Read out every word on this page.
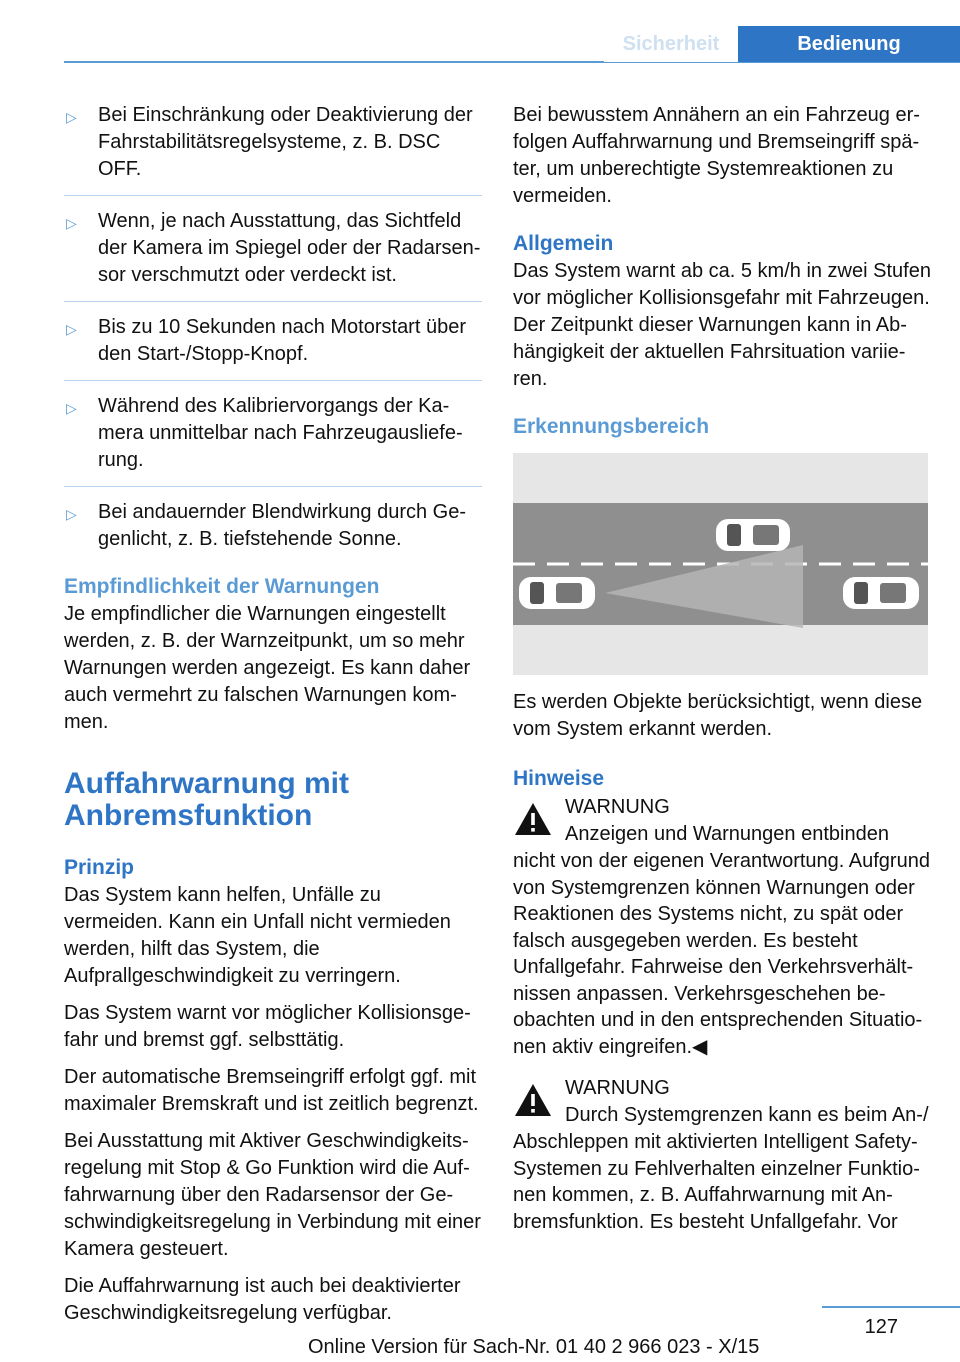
Sicherheit	Bedienung
▷ Bei Einschränkung oder Deaktivierung der Fahrstabilitätsregelsysteme, z. B. DSC OFF.
▷ Wenn, je nach Ausstattung, das Sichtfeld der Kamera im Spiegel oder der Radarsensor verschmutzt oder verdeckt ist.
▷ Bis zu 10 Sekunden nach Motorstart über den Start-/Stopp-Knopf.
▷ Während des Kalibriervorgangs der Kamera unmittelbar nach Fahrzeugauslieferung.
▷ Bei andauernder Blendwirkung durch Gegenlicht, z. B. tiefstehende Sonne.
Empfindlichkeit der Warnungen

Je empfindlicher die Warnungen eingestellt werden, z. B. der Warnzeitpunkt, um so mehr Warnungen werden angezeigt. Es kann daher auch vermehrt zu falschen Warnungen kommen.

Auffahrwarnung mit Anbremsfunktion
Prinzip

Das System kann helfen, Unfälle zu vermeiden. Kann ein Unfall nicht vermieden werden, hilft das System, die Aufprallgeschwindigkeit zu verringern.

Das System warnt vor möglicher Kollisionsgefahr und bremst ggf. selbsttätig.

Der automatische Bremseingriff erfolgt ggf. mit maximaler Bremskraft und ist zeitlich begrenzt.

Bei Ausstattung mit Aktiver Geschwindigkeitsregelung mit Stop & Go Funktion wird die Auffahrwarnung über den Radarsensor der Geschwindigkeitsregelung in Verbindung mit einer Kamera gesteuert.

Die Auffahrwarnung ist auch bei deaktivierter Geschwindigkeitsregelung verfügbar.

Bei bewusstem Annähern an ein Fahrzeug erfolgen Auffahrwarnung und Bremseingriff später, um unberechtigte Systemreaktionen zu vermeiden.

Allgemein

Das System warnt ab ca. 5 km/h in zwei Stufen vor möglicher Kollisionsgefahr mit Fahrzeugen. Der Zeitpunkt dieser Warnungen kann in Abhängigkeit der aktuellen Fahrsituation variieren.

Erkennungsbereich

Es werden Objekte berücksichtigt, wenn diese vom System erkannt werden.

Hinweise

WARNUNG

Anzeigen und Warnungen entbinden

nicht von der eigenen Verantwortung. Aufgrund von Systemgrenzen können Warnungen oder Reaktionen des Systems nicht, zu spät oder falsch ausgegeben werden. Es besteht Unfallgefahr. Fahrweise den Verkehrsverhältnissen anpassen. Verkehrsgeschehen beobachten und in den entsprechenden Situationen aktiv eingreifen.◀

WARNUNG

Durch Systemgrenzen kann es beim An-/

Abschleppen mit aktivierten Intelligent Safety-Systemen zu Fehlverhalten einzelner Funktionen kommen, z. B. Auffahrwarnung mit Anbremsfunktion. Es besteht Unfallgefahr. Vor

127
Online Version für Sach-Nr. 01 40 2 966 023 - X/15
